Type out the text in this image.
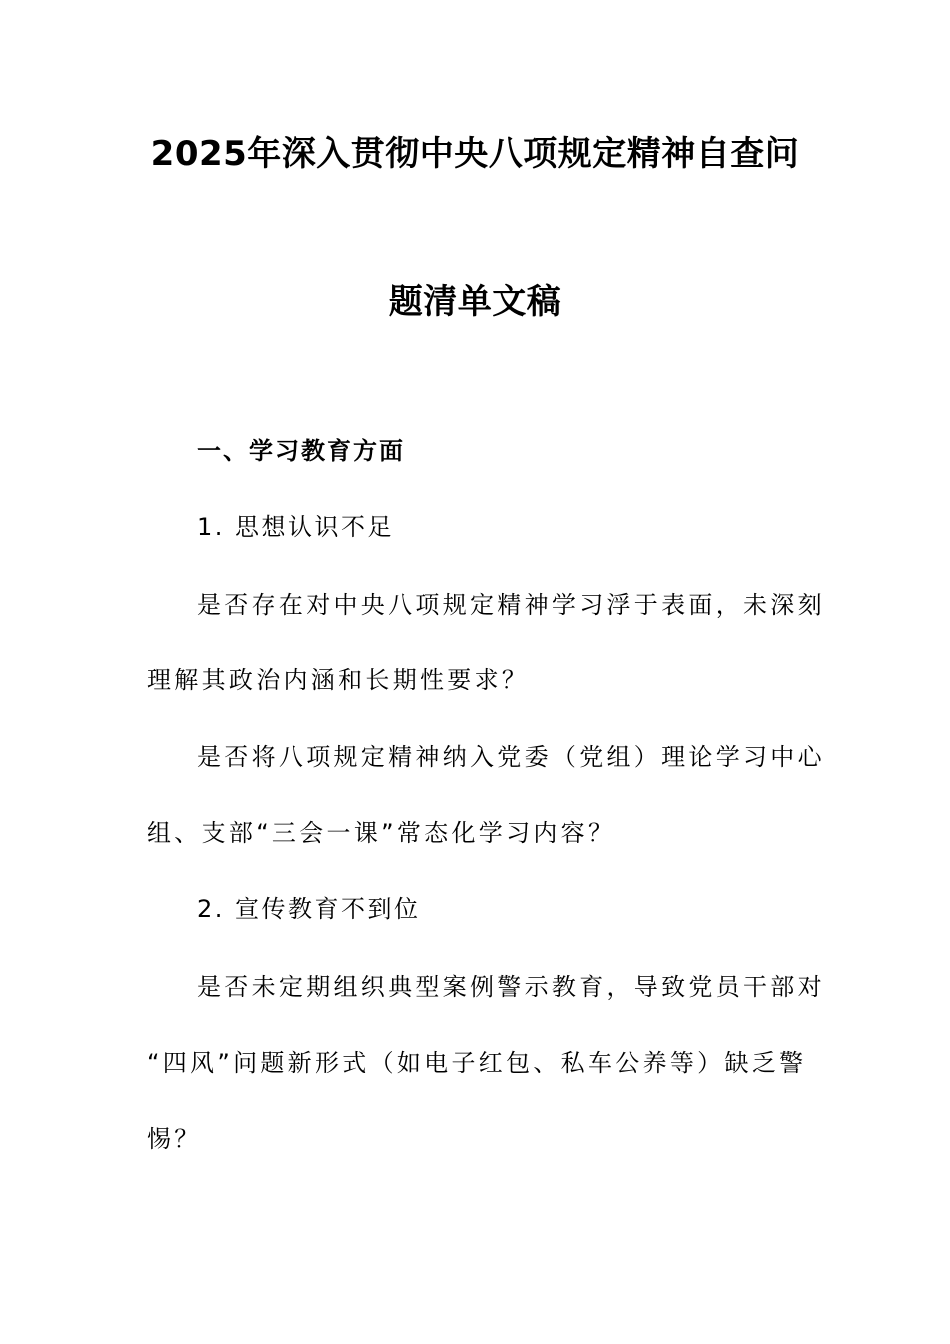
2025年深入贯彻中央八项规定精神自查问
题清单文稿
一、学习教育方面
1. 思想认识不足
是否存在对中央八项规定精神学习浮于表面，未深刻
理解其政治内涵和长期性要求？
是否将八项规定精神纳入党委（党组）理论学习中心
组、支部“三会一课”常态化学习内容？
2. 宣传教育不到位
是否未定期组织典型案例警示教育，导致党员干部对
“四风”问题新形式（如电子红包、私车公养等）缺乏警
惕？
